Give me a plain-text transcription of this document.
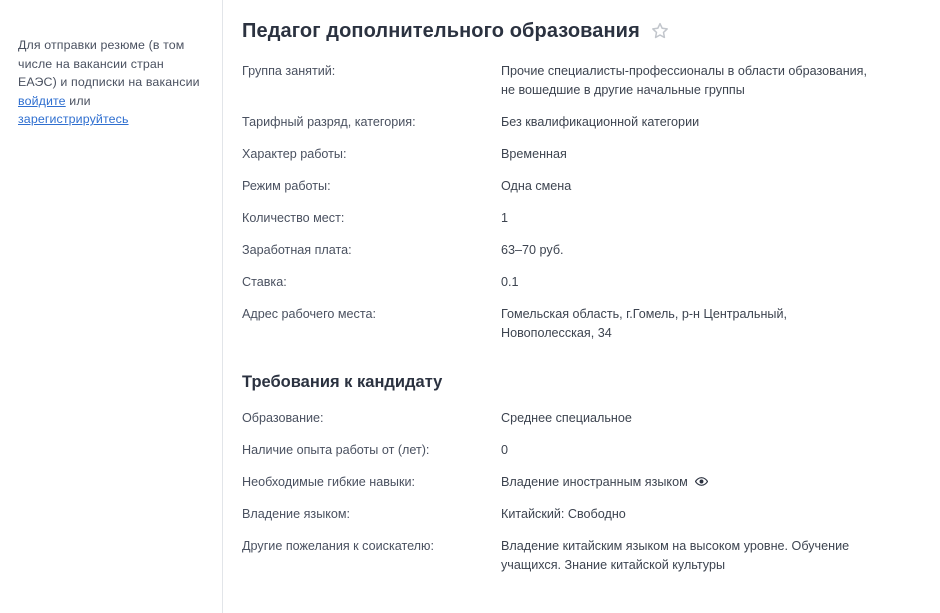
Для отправки резюме (в том числе на вакансии стран ЕАЭС) и подписки на вакансии войдите или зарегистрируйтесь

Педагог дополнительного образования
Группа занятий:	Прочие специалисты-профессионалы в области образования,
не вошедшие в другие начальные группы
Тарифный разряд, категория:	Без квалификационной категории
Характер работы:	Временная
Режим работы:	Одна смена
Количество мест:	1
Заработная плата:	63–70 руб.
Ставка:	0.1
Адрес рабочего места:	Гомельская область, г.Гомель, р-н Центральный,
Новополесская, 34
Требования к кандидату
Образование:	Среднее специальное
Наличие опыта работы от (лет):	0
Необходимые гибкие навыки:	Владение иностранным языком
Владение языком:	Китайский: Свободно
Другие пожелания к соискателю:	Владение китайским языком на высоком уровне. Обучение
учащихся. Знание китайской культуры
